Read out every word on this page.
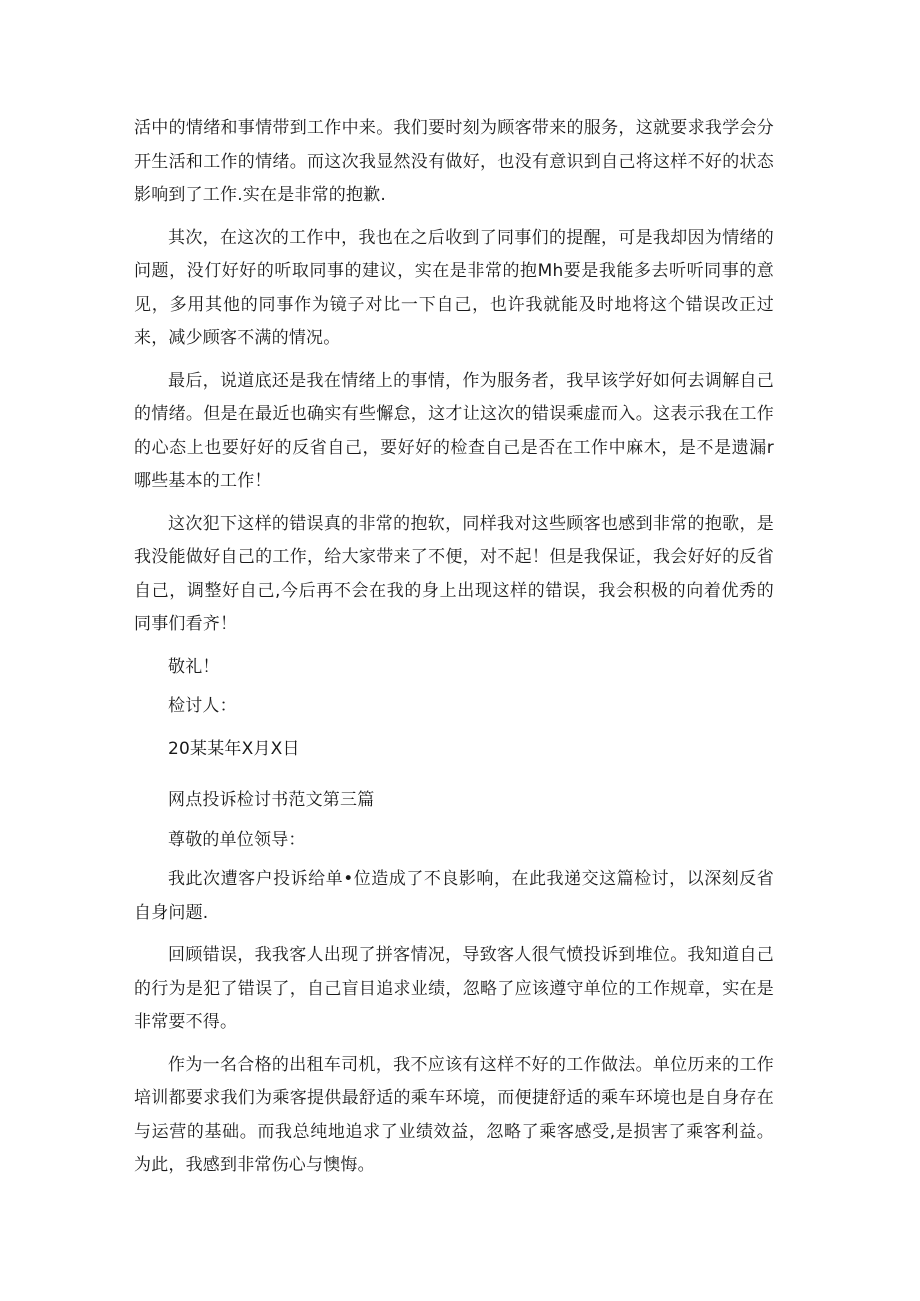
活中的情绪和事情带到工作中来。我们要时刻为顾客带来的服务，这就要求我学会分开生活和工作的情绪。而这次我显然没有做好，也没有意识到自己将这样不好的状态影响到了工作.实在是非常的抱歉.

其次，在这次的工作中，我也在之后收到了同事们的提醒，可是我却因为情绪的问题，没仃好好的听取同事的建议，实在是非常的抱Mh要是我能多去听听同事的意见，多用其他的同事作为镜子对比一下自己，也许我就能及时地将这个错误改正过来，减少顾客不满的情况。

最后，说道底还是我在情绪上的事情，作为服务者，我早该学好如何去调解自己的情绪。但是在最近也确实有些懈怠，这才让这次的错误乘虚而入。这表示我在工作的心态上也要好好的反省自己，要好好的检查自己是否在工作中麻木，是不是遗漏r哪些基本的工作！

这次犯下这样的错误真的非常的抱软，同样我对这些顾客也感到非常的抱歌，是我没能做好自己的工作，给大家带来了不便，对不起！但是我保证，我会好好的反省自己，调整好自己,今后再不会在我的身上出现这样的错误，我会积极的向着优秀的同事们看齐！

敬礼！
检讨人：
20某某年X月X日
网点投诉检讨书范文第三篇
尊敬的单位领导：

我此次遭客户投诉给单•位造成了不良影响，在此我递交这篇检讨，以深刻反省自身问题.

回顾错误，我我客人出现了拼客情况，导致客人很气愤投诉到堆位。我知道自己的行为是犯了错误了，自己盲目追求业绩，忽略了应该遵守单位的工作规章，实在是非常要不得。

作为一名合格的出租车司机，我不应该有这样不好的工作做法。单位历来的工作培训都要求我们为乘客提供最舒适的乘车环境，而便捷舒适的乘车环境也是自身存在与运营的基础。而我总纯地追求了业绩效益，忽略了乘客感受,是损害了乘客利益。为此，我感到非常伤心与懊悔。
